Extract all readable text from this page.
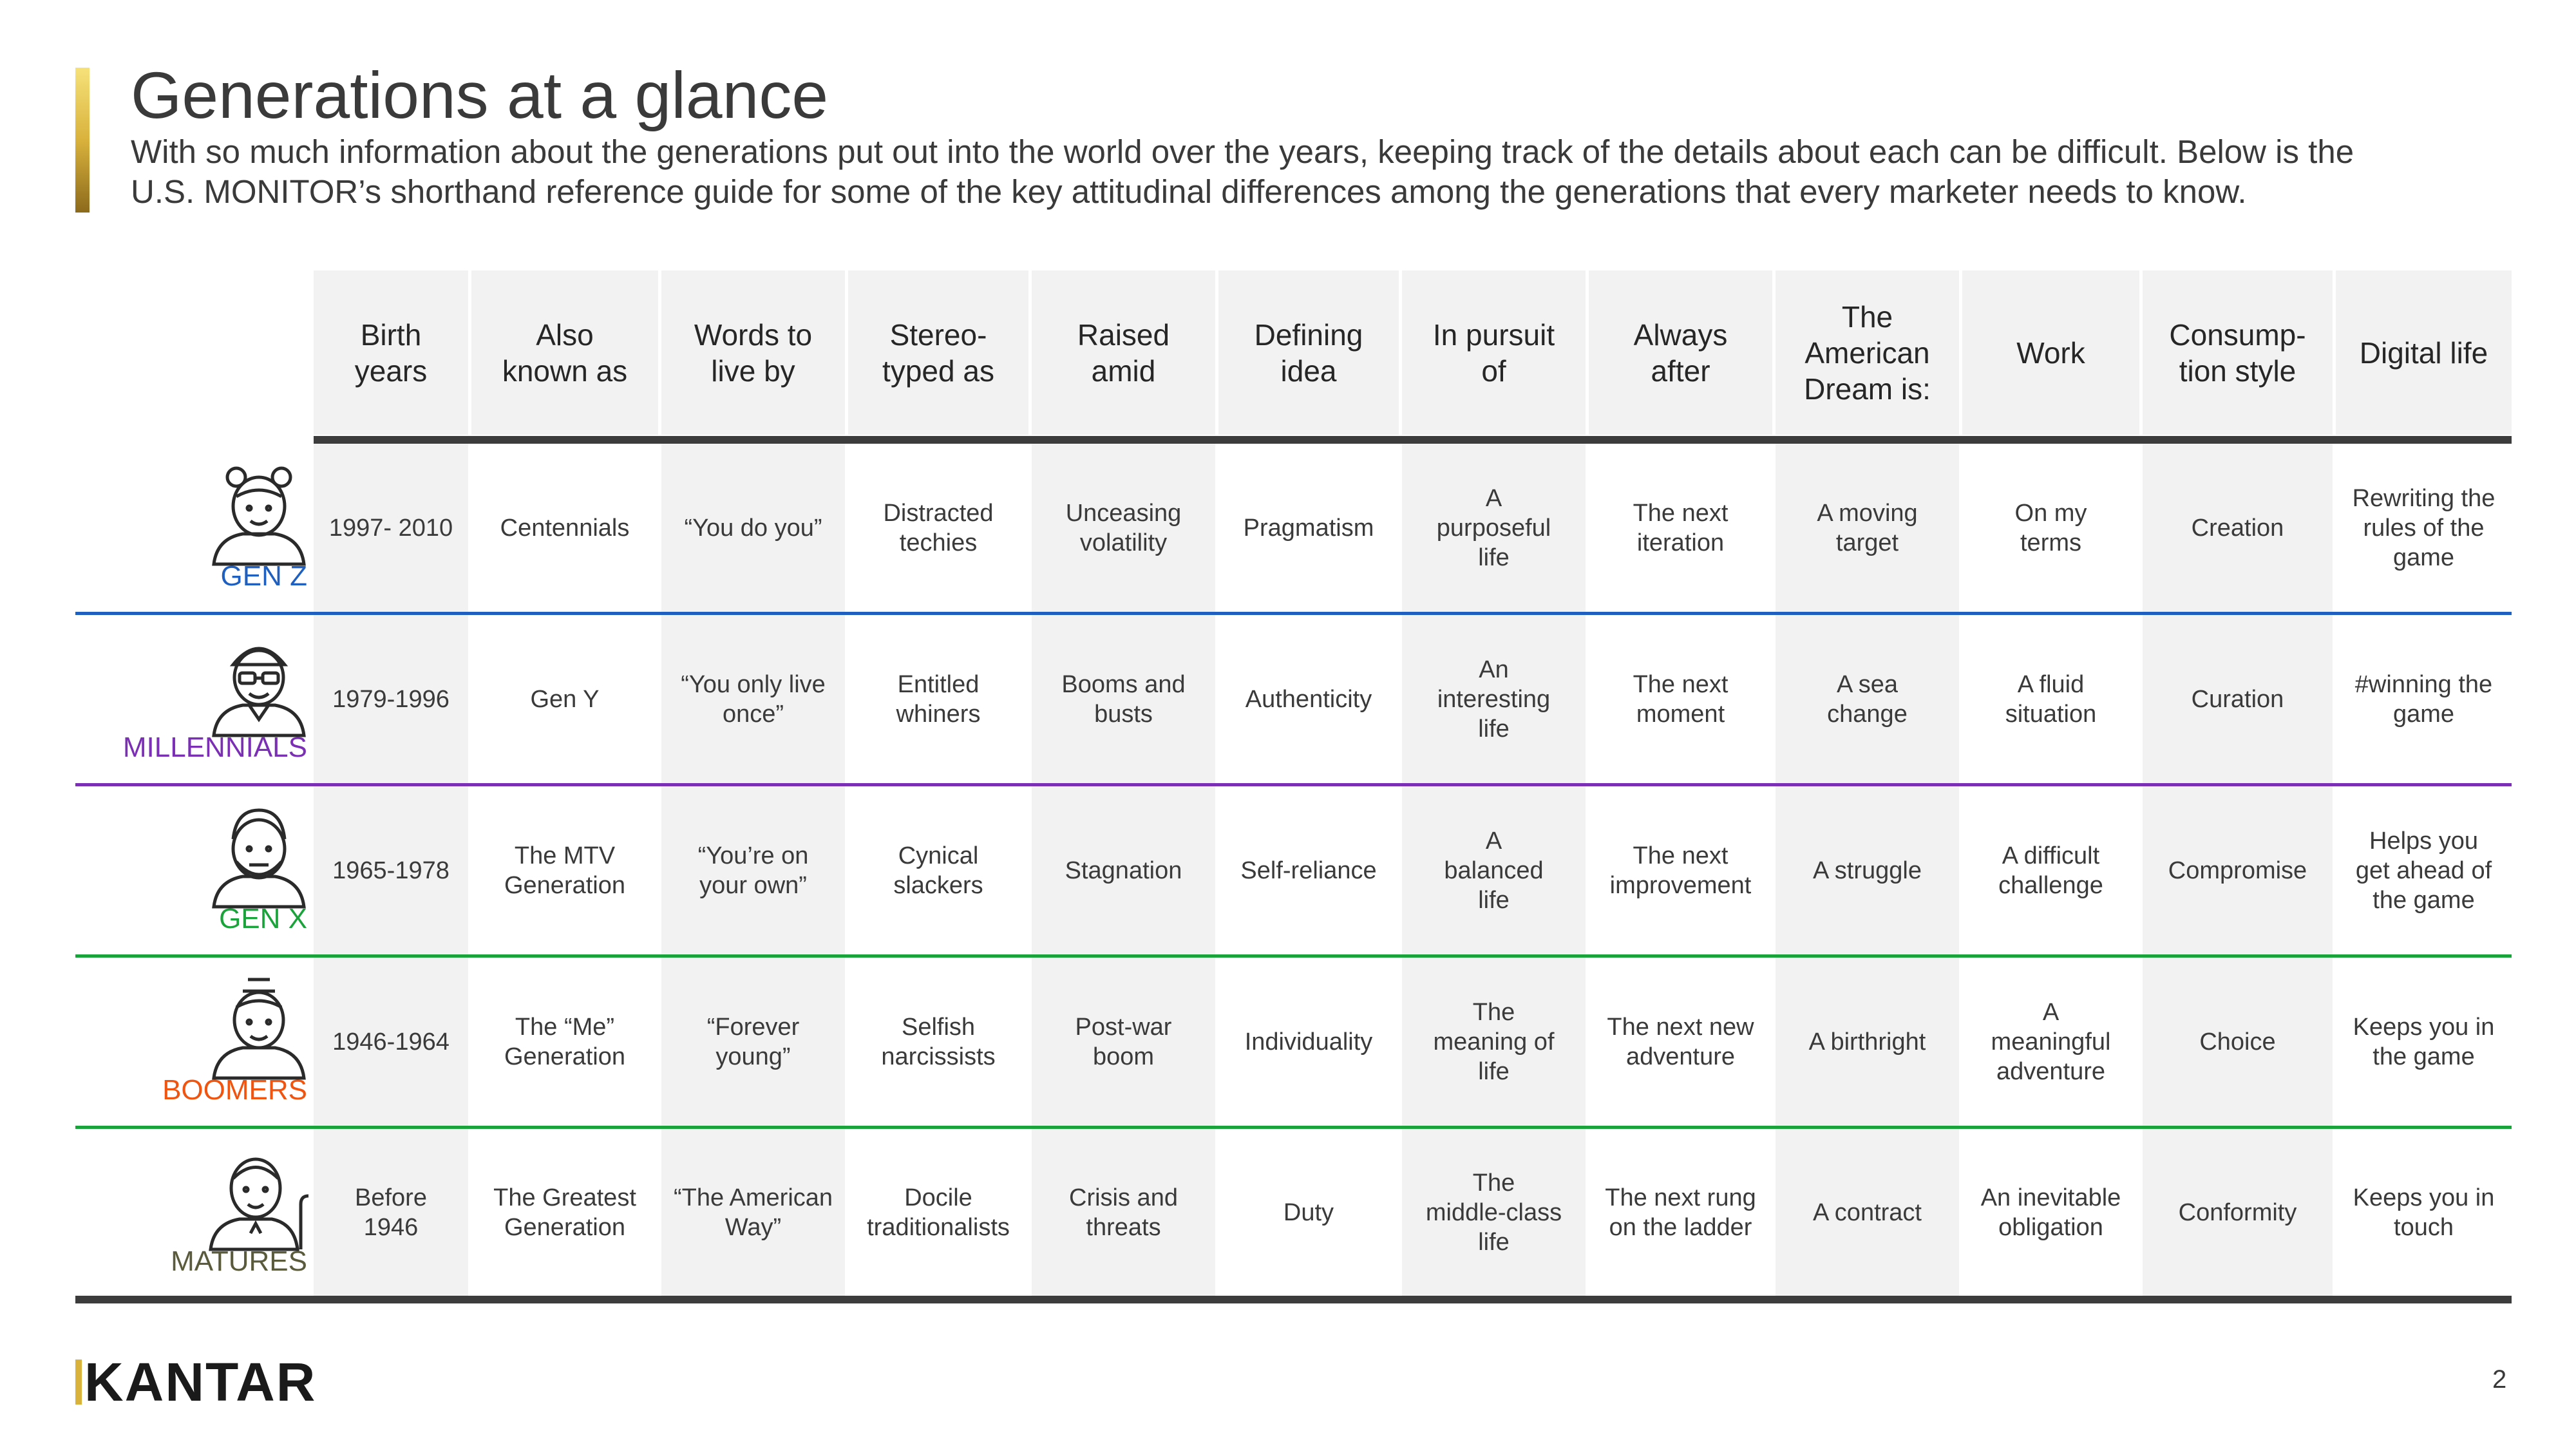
Generations at a glance

With so much information about the generations put out into the world over the years, keeping track of the details about each can be difficult. Below is the U.S. MONITOR’s shorthand reference guide for some of the key attitudinal differences among the generations that every marketer needs to know.

Birth
years
Also
known as
Words to
live by
Stereo-
typed as
Raised
amid
Defining
idea
In pursuit
of
Always
after
The
American
Dream is:
Work
Consump-
tion style
Digital life
GEN Z
1997- 2010 Centennials “You do you”
Distracted
techies
Unceasing
volatility
Pragmatism
A
purposeful
life
The next
iteration
A moving
target
On my
terms
Creation
Rewriting the
rules of the
game
MILLENNIALS
1979-1996	Gen Y
“You only live
once”
Entitled
whiners
Booms and
busts
Authenticity
An
interesting
life
The next
moment
A sea
change
A fluid
situation
Curation
#winning the
game
GEN X
1965-1978
The MTV
Generation
“You’re on
your own”
Cynical
slackers
Stagnation Self-reliance
A
balanced
life
The next
improvement
A struggle
A difficult
challenge
Compromise
Helps you
get ahead of
the game
BOOMERS
1946-1964
The “Me”
Generation
“Forever
young”
Selfish
narcissists
Post-war
boom
Individuality
The
meaning of
life
The next new
adventure
A birthright
A
meaningful
adventure
Choice
Keeps you in
the game
MATURES
Before
1946
The Greatest
Generation
“The American
Way”
Docile
traditionalists
Crisis and
threats
Duty
The
middle-class
life
The next rung
on the ladder
A contract
An inevitable
obligation
Conformity
Keeps you in
touch
KANTAR	2
